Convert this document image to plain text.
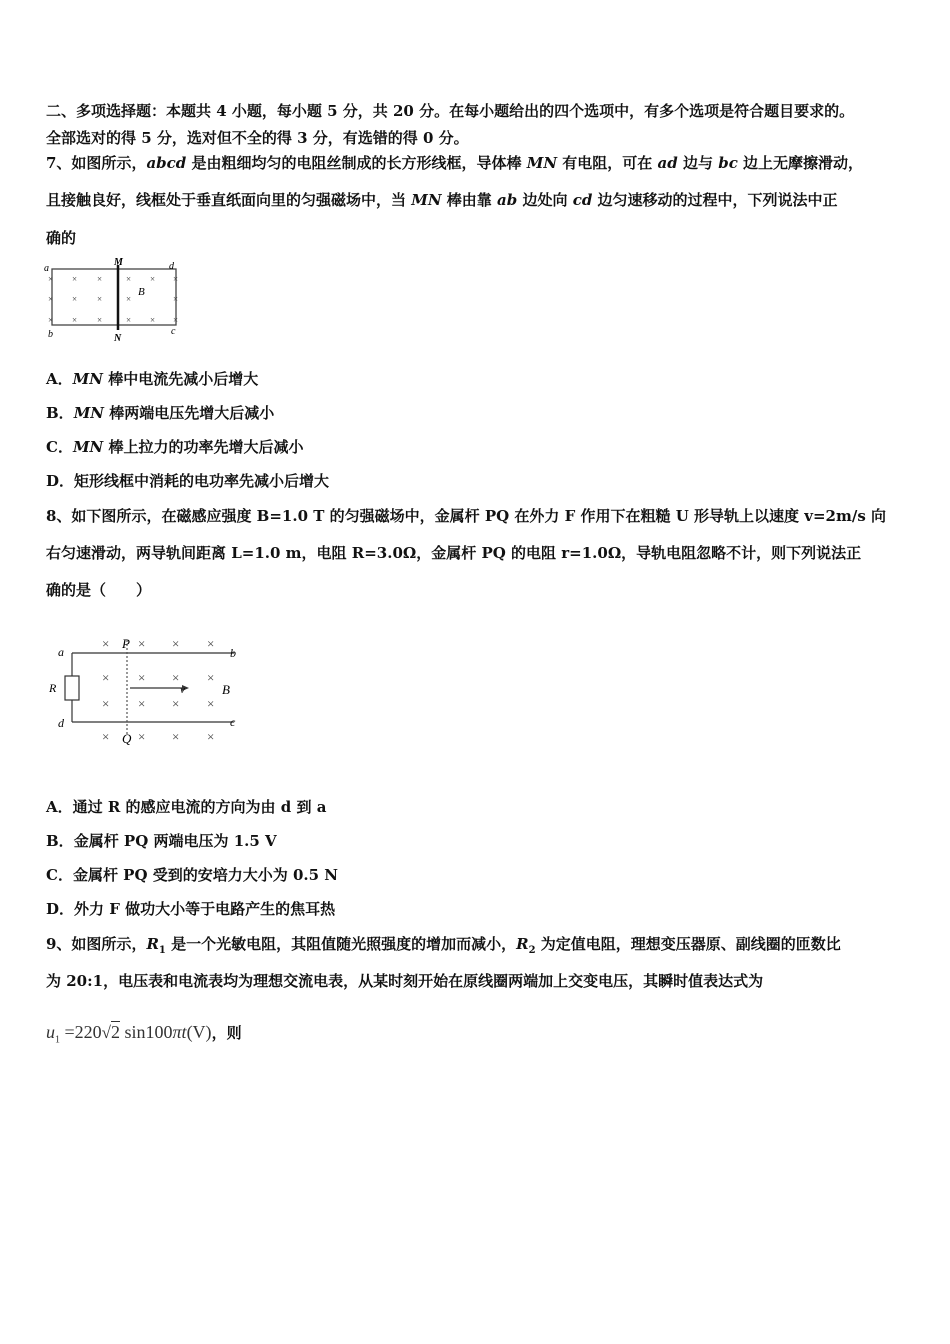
二、多项选择题：本题共 4 小题，每小题 5 分，共 20 分。在每小题给出的四个选项中，有多个选项是符合题目要求的。
全部选对的得 5 分，选对但不全的得 3 分，有选错的得 0 分。
7、如图所示，abcd 是由粗细均匀的电阻丝制成的长方形线框，导体棒 MN 有电阻，可在 ad 边与 bc 边上无摩擦滑动，
且接触良好，线框处于垂直纸面向里的匀强磁场中，当 MN 棒由靠 ab 边处向 cd 边匀速移动的过程中，下列说法中正
确的
a
b	c
d
M
N
B
×
×
×
×
×
×
×
×
×
×
×
×
×
×
×
×
×
A．MN 棒中电流先减小后增大
B．MN 棒两端电压先增大后减小
C．MN 棒上拉力的功率先增大后减小
D．矩形线框中消耗的电功率先减小后增大
8、如下图所示，在磁感应强度 B=1.0 T 的匀强磁场中，金属杆 PQ 在外力 F 作用下在粗糙 U 形导轨上以速度 v=2m/s 向
右匀速滑动，两导轨间距离 L=1.0 m，电阻 R=3.0Ω，金属杆 PQ 的电阻 r=1.0Ω，导轨电阻忽略不计，则下列说法正
确的是（　　）
a
d
b
c
R
P
Q
v	B
× × × ×
× × × ×
× × × ×
× × × ×
A．通过 R 的感应电流的方向为由 d 到 a
B．金属杆 PQ 两端电压为 1.5 V
C．金属杆 PQ 受到的安培力大小为 0.5 N
D．外力 F 做功大小等于电路产生的焦耳热
9、如图所示，$R_1$ 是一个光敏电阻，其阻值随光照强度的增加而减小，$R_2$ 为定值电阻，理想变压器原、副线圈的匝数比
为 20:1，电压表和电流表均为理想交流电表，从某时刻开始在原线圈两端加上交变电压，其瞬时值表达式为
$u_1 =220√2$ sin100πt(V)，则
